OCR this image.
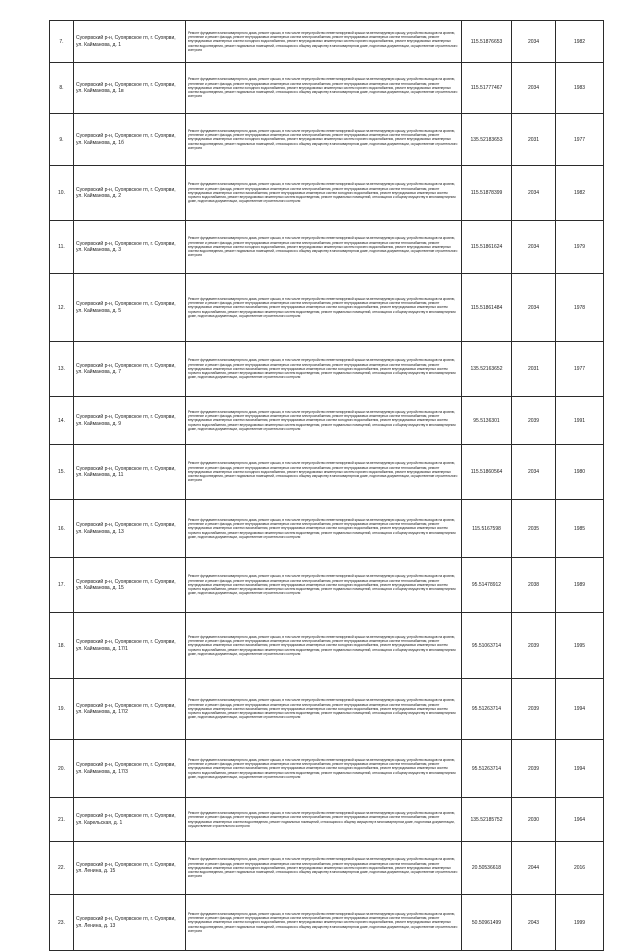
7.	Суоярвский р-н, Суоярвское гп, г. Суоярви, ул. Кайманова, д. 1	Ремонт фундамента многоквартирного дома, ремонт крыши, в том числе переустройство невентилируемой крыши на вентилируемую крышу, устройство выходов на кровлю, утепление и ремонт фасада, ремонт внутридомовых инженерных систем электроснабжения, ремонт внутридомовых инженерных систем теплоснабжения, ремонт внутридомовых инженерных систем холодного водоснабжения, ремонт внутридомовых инженерных систем горячего водоснабжения, ремонт внутридомовых инженерных систем водоотведения, ремонт подвальных помещений, относящихся к общему имуществу в многоквартирном доме, подготовка документации, осуществление строительного контроля	115.51876653	2034	1982
8.	Суоярвский р-н, Суоярвское гп, г. Суоярви, ул. Кайманова, д. 1в	Ремонт фундамента многоквартирного дома, ремонт крыши, в том числе переустройство невентилируемой крыши на вентилируемую крышу, устройство выходов на кровлю, утепление и ремонт фасада, ремонт внутридомовых инженерных систем электроснабжения, ремонт внутридомовых инженерных систем теплоснабжения, ремонт внутридомовых инженерных систем холодного водоснабжения, ремонт внутридомовых инженерных систем горячего водоснабжения, ремонт внутридомовых инженерных систем водоотведения, ремонт подвальных помещений, относящихся к общему имуществу в многоквартирном доме, подготовка документации, осуществление строительного контроля	115.51777467	2034	1983
9.	Суоярвский р-н, Суоярвское гп, г. Суоярви, ул. Кайманова, д. 1б	Ремонт фундамента многоквартирного дома, ремонт крыши, в том числе переустройство невентилируемой крыши на вентилируемую крышу, устройство выходов на кровлю, утепление и ремонт фасада, ремонт внутридомовых инженерных систем электроснабжения, ремонт внутридомовых инженерных систем теплоснабжения, ремонт внутридомовых инженерных систем холодного водоснабжения, ремонт внутридомовых инженерных систем горячего водоснабжения, ремонт внутридомовых инженерных систем водоотведения, ремонт подвальных помещений, относящихся к общему имуществу в многоквартирном доме, подготовка документации, осуществление строительного контроля	135.52183653	2031	1977
10.	Суоярвский р-н, Суоярвское гп, г. Суоярви, ул. Кайманова, д. 2	Ремонт фундамента многоквартирного дома, ремонт крыши, в том числе переустройство невентилируемой крыши на вентилируемую крышу, устройство выходов на кровлю, утепление и ремонт фасада, ремонт внутридомовых инженерных систем электроснабжения, ремонт внутридомовых инженерных систем теплоснабжения, ремонт внутридомовых инженерных систем газоснабжения, ремонт внутридомовых инженерных систем холодного водоснабжения, ремонт внутридомовых инженерных систем горячего водоснабжения, ремонт внутридомовых инженерных систем водоотведения, ремонт подвальных помещений, относящихся к общему имуществу в многоквартирном доме, подготовка документации, осуществление строительного контроля	115.51878399	2034	1982
11.	Суоярвский р-н, Суоярвское гп, г. Суоярви, ул. Кайманова, д. 3	Ремонт фундамента многоквартирного дома, ремонт крыши, в том числе переустройство невентилируемой крыши на вентилируемую крышу, устройство выходов на кровлю, утепление и ремонт фасада, ремонт внутридомовых инженерных систем электроснабжения, ремонт внутридомовых инженерных систем теплоснабжения, ремонт внутридомовых инженерных систем холодного водоснабжения, ремонт внутридомовых инженерных систем горячего водоснабжения, ремонт внутридомовых инженерных систем водоотведения, ремонт подвальных помещений, относящихся к общему имуществу в многоквартирном доме, подготовка документации, осуществление строительного контроля	115.51861624	2034	1979
12.	Суоярвский р-н, Суоярвское гп, г. Суоярви, ул. Кайманова, д. 5	Ремонт фундамента многоквартирного дома, ремонт крыши, в том числе переустройство невентилируемой крыши на вентилируемую крышу, устройство выходов на кровлю, утепление и ремонт фасада, ремонт внутридомовых инженерных систем электроснабжения, ремонт внутридомовых инженерных систем теплоснабжения, ремонт внутридомовых инженерных систем газоснабжения, ремонт внутридомовых инженерных систем холодного водоснабжения, ремонт внутридомовых инженерных систем горячего водоснабжения, ремонт внутридомовых инженерных систем водоотведения, ремонт подвальных помещений, относящихся к общему имуществу в многоквартирном доме, подготовка документации, осуществление строительного контроля	115.51861484	2034	1978
13.	Суоярвский р-н, Суоярвское гп, г. Суоярви, ул. Кайманова, д. 7	Ремонт фундамента многоквартирного дома, ремонт крыши, в том числе переустройство невентилируемой крыши на вентилируемую крышу, устройство выходов на кровлю, утепление и ремонт фасада, ремонт внутридомовых инженерных систем электроснабжения, ремонт внутридомовых инженерных систем теплоснабжения, ремонт внутридомовых инженерных систем газоснабжения, ремонт внутридомовых инженерных систем холодного водоснабжения, ремонт внутридомовых инженерных систем горячего водоснабжения, ремонт внутридомовых инженерных систем водоотведения, ремонт подвальных помещений, относящихся к общему имуществу в многоквартирном доме, подготовка документации, осуществление строительного контроля	135.52163652	2031	1977
14.	Суоярвский р-н, Суоярвское гп, г. Суоярви, ул. Кайманова, д. 9	Ремонт фундамента многоквартирного дома, ремонт крыши, в том числе переустройство невентилируемой крыши на вентилируемую крышу, устройство выходов на кровлю, утепление и ремонт фасада, ремонт внутридомовых инженерных систем электроснабжения, ремонт внутридомовых инженерных систем теплоснабжения, ремонт внутридомовых инженерных систем газоснабжения, ремонт внутридомовых инженерных систем холодного водоснабжения, ремонт внутридомовых инженерных систем горячего водоснабжения, ремонт внутридомовых инженерных систем водоотведения, ремонт подвальных помещений, относящихся к общему имуществу в многоквартирном доме, подготовка документации, осуществление строительного контроля	95.5136301	2039	1991
15.	Суоярвский р-н, Суоярвское гп, г. Суоярви, ул. Кайманова, д. 11	Ремонт фундамента многоквартирного дома, ремонт крыши, в том числе переустройство невентилируемой крыши на вентилируемую крышу, устройство выходов на кровлю, утепление и ремонт фасада, ремонт внутридомовых инженерных систем электроснабжения, ремонт внутридомовых инженерных систем теплоснабжения, ремонт внутридомовых инженерных систем холодного водоснабжения, ремонт внутридомовых инженерных систем горячего водоснабжения, ремонт внутридомовых инженерных систем водоотведения, ремонт подвальных помещений, относящихся к общему имуществу в многоквартирном доме, подготовка документации, осуществление строительного контроля	115.51860564	2034	1980
16.	Суоярвский р-н, Суоярвское гп, г. Суоярви, ул. Кайманова, д. 13	Ремонт фундамента многоквартирного дома, ремонт крыши, в том числе переустройство невентилируемой крыши на вентилируемую крышу, устройство выходов на кровлю, утепление и ремонт фасада, ремонт внутридомовых инженерных систем электроснабжения, ремонт внутридомовых инженерных систем теплоснабжения, ремонт внутридомовых инженерных систем газоснабжения, ремонт внутридомовых инженерных систем холодного водоснабжения, ремонт внутридомовых инженерных систем горячего водоснабжения, ремонт внутридомовых инженерных систем водоотведения, ремонт подвальных помещений, относящихся к общему имуществу в многоквартирном доме, подготовка документации, осуществление строительного контроля	115.5167598	2035	1985
17.	Суоярвский р-н, Суоярвское гп, г. Суоярви, ул. Кайманова, д. 15	Ремонт фундамента многоквартирного дома, ремонт крыши, в том числе переустройство невентилируемой крыши на вентилируемую крышу, устройство выходов на кровлю, утепление и ремонт фасада, ремонт внутридомовых инженерных систем электроснабжения, ремонт внутридомовых инженерных систем теплоснабжения, ремонт внутридомовых инженерных систем газоснабжения, ремонт внутридомовых инженерных систем холодного водоснабжения, ремонт внутридомовых инженерных систем горячего водоснабжения, ремонт внутридомовых инженерных систем водоотведения, ремонт подвальных помещений, относящихся к общему имуществу в многоквартирном доме, подготовка документации, осуществление строительного контроля	95.51478912	2038	1989
18.	Суоярвский р-н, Суоярвское гп, г. Суоярви, ул. Кайманова, д. 17/1	Ремонт фундамента многоквартирного дома, ремонт крыши, в том числе переустройство невентилируемой крыши на вентилируемую крышу, устройство выходов на кровлю, утепление и ремонт фасада, ремонт внутридомовых инженерных систем электроснабжения, ремонт внутридомовых инженерных систем теплоснабжения, ремонт внутридомовых инженерных систем газоснабжения, ремонт внутридомовых инженерных систем холодного водоснабжения, ремонт внутридомовых инженерных систем горячего водоснабжения, ремонт внутридомовых инженерных систем водоотведения, ремонт подвальных помещений, относящихся к общему имуществу в многоквартирном доме, подготовка документации, осуществление строительного контроля	95.51063714	2039	1995
19.	Суоярвский р-н, Суоярвское гп, г. Суоярви, ул. Кайманова, д. 17/2	Ремонт фундамента многоквартирного дома, ремонт крыши, в том числе переустройство невентилируемой крыши на вентилируемую крышу, устройство выходов на кровлю, утепление и ремонт фасада, ремонт внутридомовых инженерных систем электроснабжения, ремонт внутридомовых инженерных систем теплоснабжения, ремонт внутридомовых инженерных систем газоснабжения, ремонт внутридомовых инженерных систем холодного водоснабжения, ремонт внутридомовых инженерных систем горячего водоснабжения, ремонт внутридомовых инженерных систем водоотведения, ремонт подвальных помещений, относящихся к общему имуществу в многоквартирном доме, подготовка документации, осуществление строительного контроля	95.51263714	2039	1994
20.	Суоярвский р-н, Суоярвское гп, г. Суоярви, ул. Кайманова, д. 17/3	Ремонт фундамента многоквартирного дома, ремонт крыши, в том числе переустройство невентилируемой крыши на вентилируемую крышу, устройство выходов на кровлю, утепление и ремонт фасада, ремонт внутридомовых инженерных систем электроснабжения, ремонт внутридомовых инженерных систем теплоснабжения, ремонт внутридомовых инженерных систем газоснабжения, ремонт внутридомовых инженерных систем холодного водоснабжения, ремонт внутридомовых инженерных систем горячего водоснабжения, ремонт внутридомовых инженерных систем водоотведения, ремонт подвальных помещений, относящихся к общему имуществу в многоквартирном доме, подготовка документации, осуществление строительного контроля	95.51263714	2039	1994
21.	Суоярвский р-н, Суоярвское гп, г. Суоярви, ул. Карельская, д. 1	Ремонт фундамента многоквартирного дома, ремонт крыши, в том числе переустройство невентилируемой крыши на вентилируемую крышу, устройство выходов на кровлю, утепление и ремонт фасада, ремонт внутридомовых инженерных систем электроснабжения, ремонт внутридомовых инженерных систем теплоснабжения, ремонт внутридомовых инженерных систем водоотведения, ремонт подвальных помещений, относящихся к общему имуществу в многоквартирном доме, подготовка документации, осуществление строительного контроля	135.52185752	2030	1964
22.	Суоярвский р-н, Суоярвское гп, г. Суоярви, ул. Ленина, д. 15	Ремонт фундамента многоквартирного дома, ремонт крыши, в том числе переустройство невентилируемой крыши на вентилируемую крышу, устройство выходов на кровлю, утепление и ремонт фасада, ремонт внутридомовых инженерных систем электроснабжения, ремонт внутридомовых инженерных систем теплоснабжения, ремонт внутридомовых инженерных систем холодного водоснабжения, ремонт внутридомовых инженерных систем горячего водоснабжения, ремонт внутридомовых инженерных систем водоотведения, ремонт подвальных помещений, относящихся к общему имуществу в многоквартирном доме, подготовка документации, осуществление строительного контроля	20.50536618	2044	2016
23.	Суоярвский р-н, Суоярвское гп, г. Суоярви, ул. Ленина, д. 13	Ремонт фундамента многоквартирного дома, ремонт крыши, в том числе переустройство невентилируемой крыши на вентилируемую крышу, устройство выходов на кровлю, утепление и ремонт фасада, ремонт внутридомовых инженерных систем электроснабжения, ремонт внутридомовых инженерных систем теплоснабжения, ремонт внутридомовых инженерных систем холодного водоснабжения, ремонт внутридомовых инженерных систем горячего водоснабжения, ремонт внутридомовых инженерных систем водоотведения, ремонт подвальных помещений, относящихся к общему имуществу в многоквартирном доме, подготовка документации, осуществление строительного контроля	50.50961499	2043	1999
